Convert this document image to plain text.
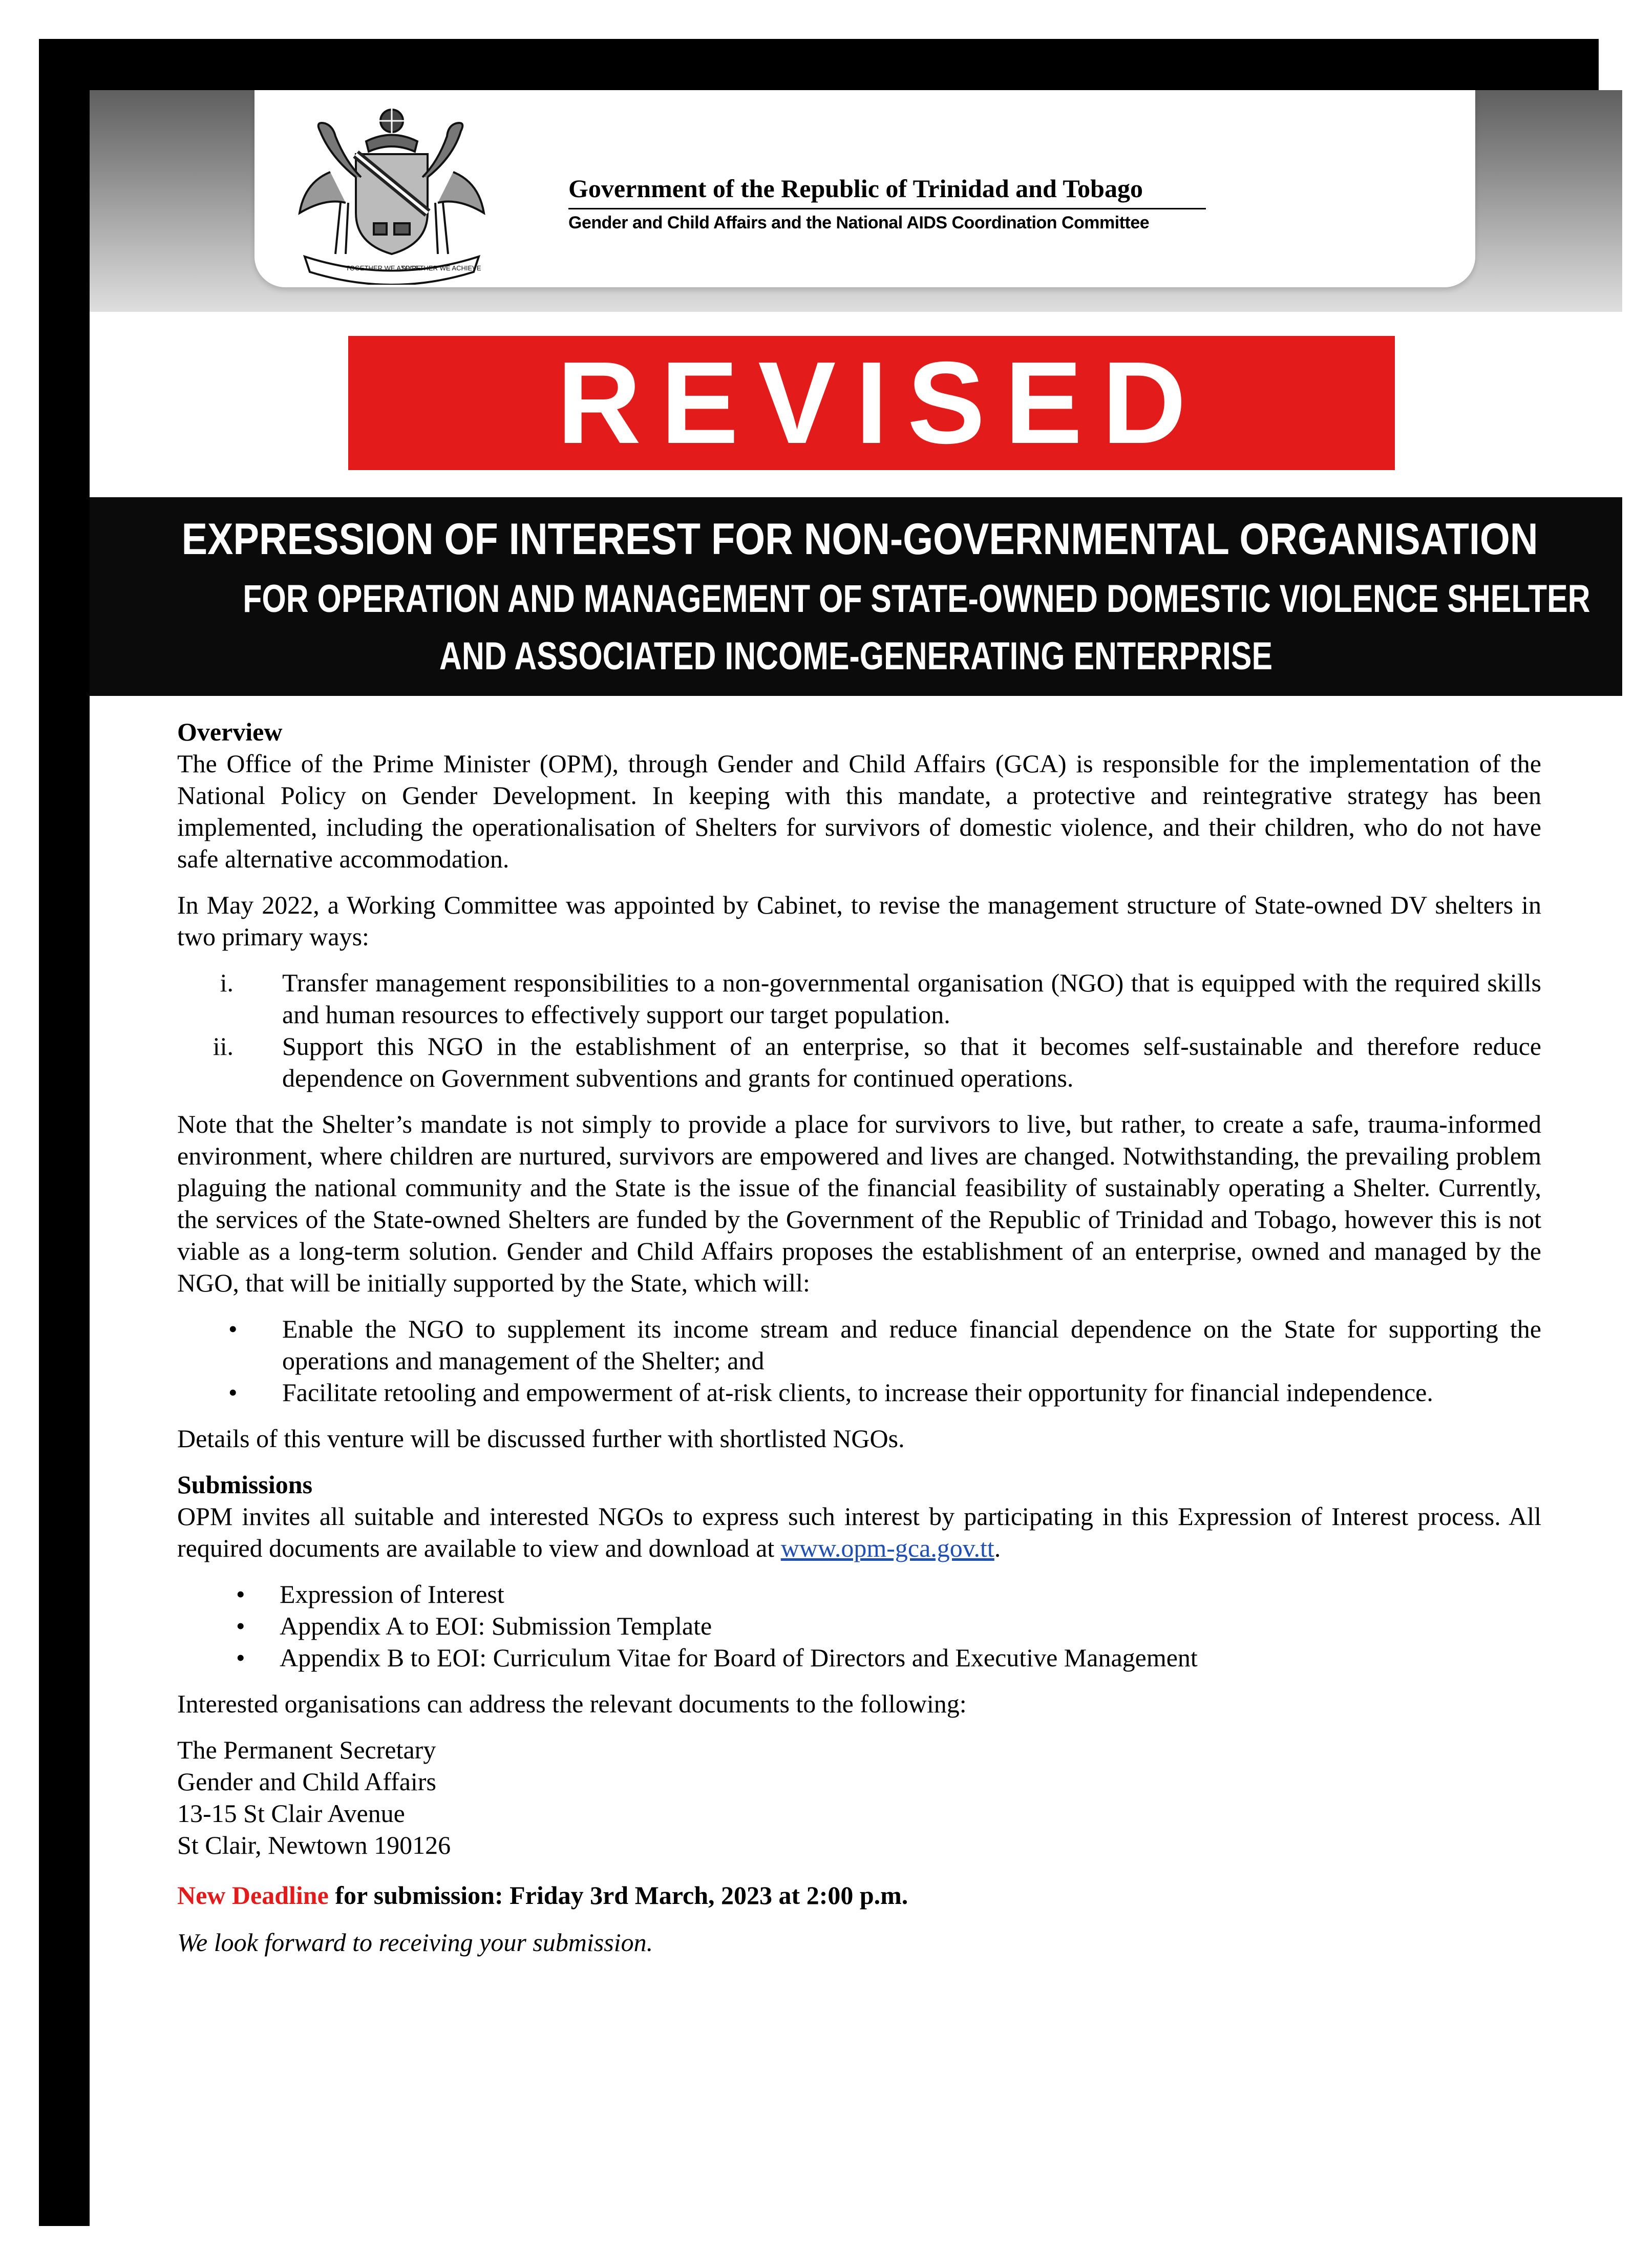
TOGETHER WE ASPIRE
TOGETHER WE ACHIEVE
Government of the Republic of Trinidad and Tobago
Gender and Child Affairs and the National AIDS Coordination Committee
REVISED
EXPRESSION OF INTEREST FOR NON-GOVERNMENTAL ORGANISATION
FOR OPERATION AND MANAGEMENT OF STATE-OWNED DOMESTIC VIOLENCE SHELTER
AND ASSOCIATED INCOME-GENERATING ENTERPRISE

Overview

The Office of the Prime Minister (OPM), through Gender and Child Affairs (GCA) is responsible for the implementation of the National Policy on Gender Development. In keeping with this mandate, a protective and reintegrative strategy has been implemented, including the operationalisation of Shelters for survivors of domestic violence, and their children, who do not have safe alternative accommodation.

In May 2022, a Working Committee was appointed by Cabinet, to revise the management structure of State-owned DV shelters in two primary ways:

i. Transfer management responsibilities to a non-governmental organisation (NGO) that is equipped with the required skills and human resources to effectively support our target population.
ii. Support this NGO in the establishment of an enterprise, so that it becomes self-sustainable and therefore reduce dependence on Government subventions and grants for continued operations.

Note that the Shelter’s mandate is not simply to provide a place for survivors to live, but rather, to create a safe, trauma-informed environment, where children are nurtured, survivors are empowered and lives are changed. Notwithstanding, the prevailing problem plaguing the national community and the State is the issue of the financial feasibility of sustainably operating a Shelter. Currently, the services of the State-owned Shelters are funded by the Government of the Republic of Trinidad and Tobago, however this is not viable as a long-term solution. Gender and Child Affairs proposes the establishment of an enterprise, owned and managed by the NGO, that will be initially supported by the State, which will:

• Enable the NGO to supplement its income stream and reduce financial dependence on the State for supporting the operations and management of the Shelter; and
• Facilitate retooling and empowerment of at-risk clients, to increase their opportunity for financial independence.

Details of this venture will be discussed further with shortlisted NGOs.

Submissions

OPM invites all suitable and interested NGOs to express such interest by participating in this Expression of Interest process. All required documents are available to view and download at www.opm-gca.gov.tt.

• Expression of Interest
• Appendix A to EOI: Submission Template
• Appendix B to EOI: Curriculum Vitae for Board of Directors and Executive Management

Interested organisations can address the relevant documents to the following:

The Permanent Secretary
Gender and Child Affairs
13-15 St Clair Avenue
St Clair, Newtown 190126

New Deadline for submission: Friday 3rd March, 2023 at 2:00 p.m.

We look forward to receiving your submission.
